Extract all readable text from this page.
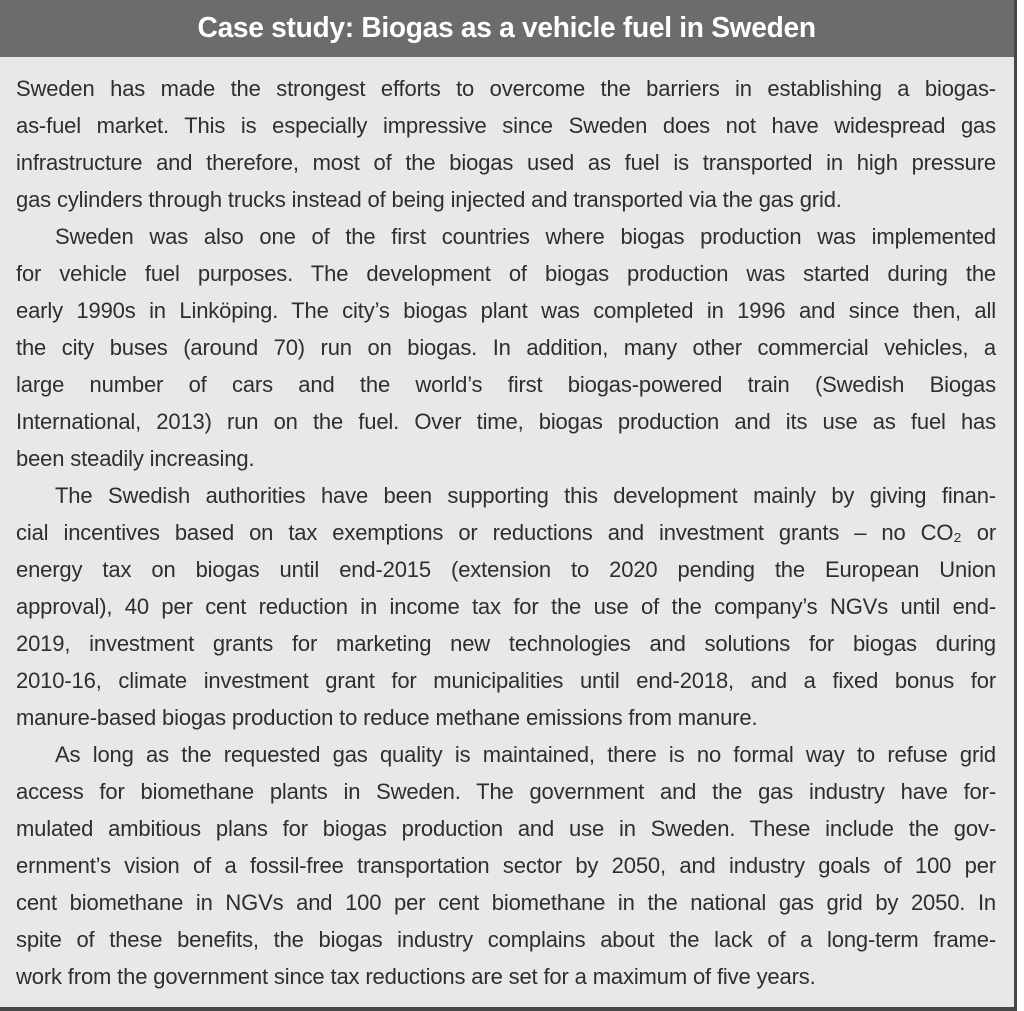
Case study: Biogas as a vehicle fuel in Sweden
Sweden has made the strongest efforts to overcome the barriers in establishing a biogas-
as-fuel market. This is especially impressive since Sweden does not have widespread gas
infrastructure and therefore, most of the biogas used as fuel is transported in high pressure
gas cylinders through trucks instead of being injected and transported via the gas grid.
Sweden was also one of the first countries where biogas production was implemented
for vehicle fuel purposes. The development of biogas production was started during the
early 1990s in Linköping. The city’s biogas plant was completed in 1996 and since then, all
the city buses (around 70) run on biogas. In addition, many other commercial vehicles, a
large number of cars and the world’s first biogas-powered train (Swedish Biogas
International, 2013) run on the fuel. Over time, biogas production and its use as fuel has
been steadily increasing.
The Swedish authorities have been supporting this development mainly by giving finan-
cial incentives based on tax exemptions or reductions and investment grants – no CO₂ or
energy tax on biogas until end-2015 (extension to 2020 pending the European Union
approval), 40 per cent reduction in income tax for the use of the company’s NGVs until end-
2019, investment grants for marketing new technologies and solutions for biogas during
2010-16, climate investment grant for municipalities until end-2018, and a fixed bonus for
manure-based biogas production to reduce methane emissions from manure.
As long as the requested gas quality is maintained, there is no formal way to refuse grid
access for biomethane plants in Sweden. The government and the gas industry have for-
mulated ambitious plans for biogas production and use in Sweden. These include the gov-
ernment’s vision of a fossil-free transportation sector by 2050, and industry goals of 100 per
cent biomethane in NGVs and 100 per cent biomethane in the national gas grid by 2050. In
spite of these benefits, the biogas industry complains about the lack of a long-term frame-
work from the government since tax reductions are set for a maximum of five years.
